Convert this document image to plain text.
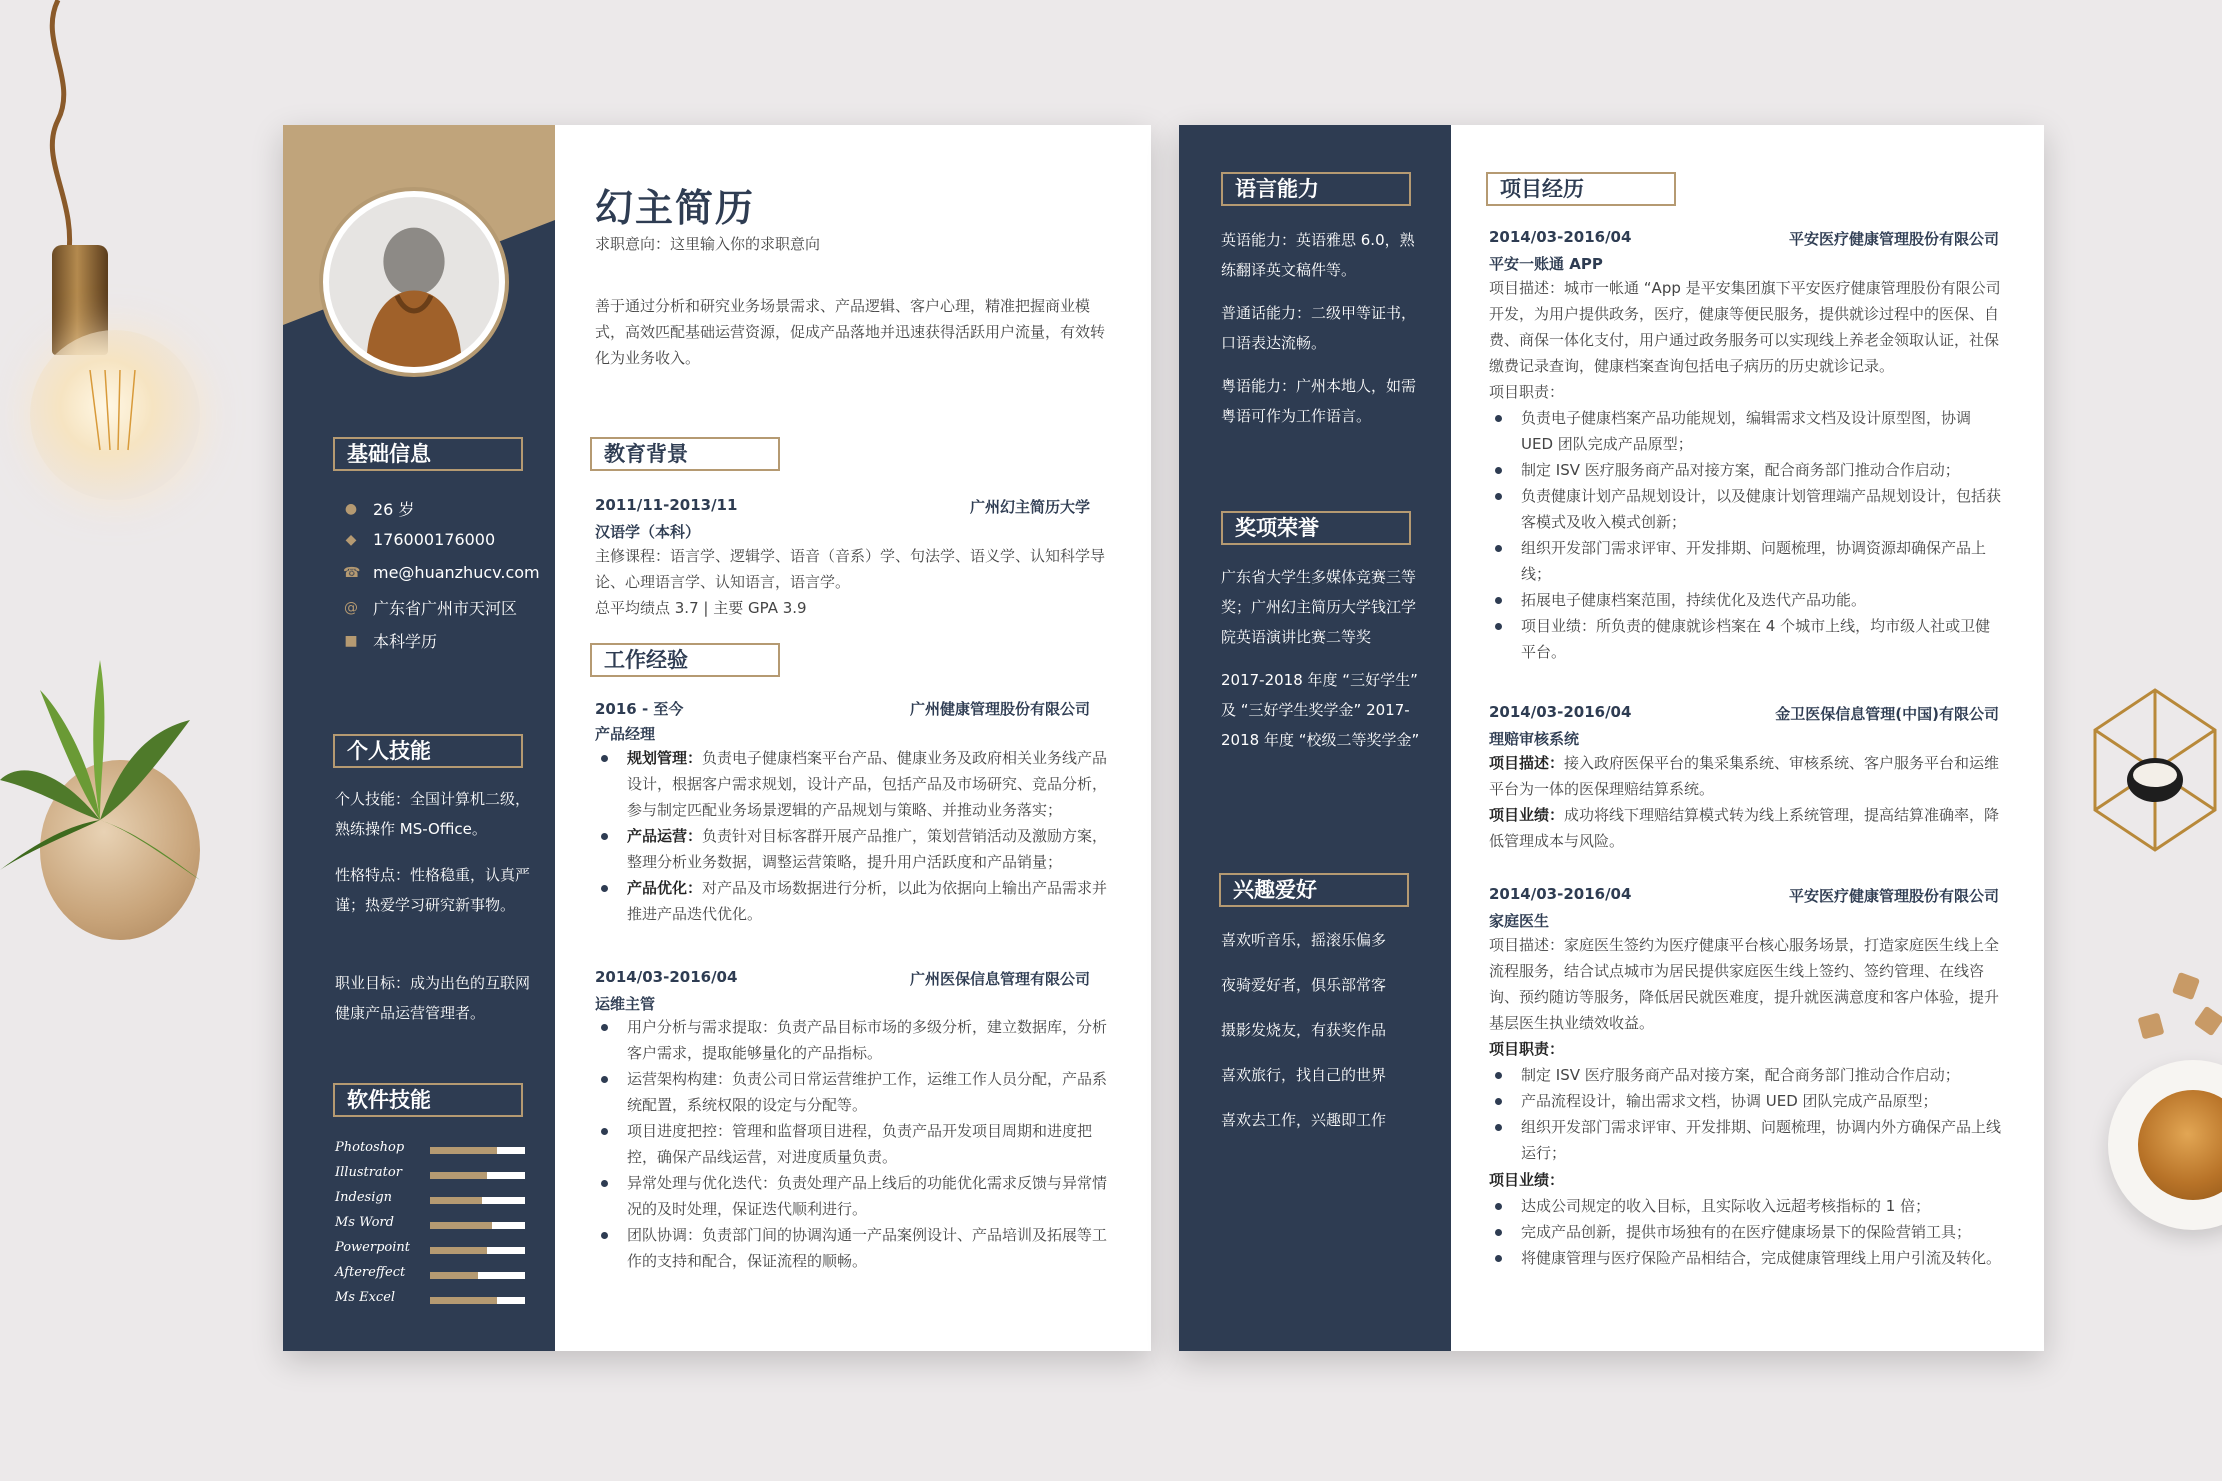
基础信息
● 26 岁
◆ 176000176000
☎ me@huanzhucv.com
@ 广东省广州市天河区
■ 本科学历
个人技能
个人技能：全国计算机二级，熟练操作 MS-Office。
性格特点：性格稳重，认真严谨；热爱学习研究新事物。
职业目标：成为出色的互联网健康产品运营管理者。
软件技能
Photoshop
Illustrator
Indesign
Ms Word
Powerpoint
Aftereffect
Ms Excel
幻主简历
求职意向：这里输入你的求职意向
善于通过分析和研究业务场景需求、产品逻辑、客户心理，精准把握商业模式，高效匹配基础运营资源，促成产品落地并迅速获得活跃用户流量，有效转化为业务收入。
教育背景
2011/11-2013/11	广州幻主简历大学
汉语学（本科）
主修课程：语言学、逻辑学、语音（音系）学、句法学、语义学、认知科学导论、心理语言学、认知语言，语言学。
总平均绩点 3.7 | 主要 GPA 3.9
工作经验
2016 - 至今	广州健康管理股份有限公司
产品经理
规划管理：负责电子健康档案平台产品、健康业务及政府相关业务线产品设计，根据客户需求规划，设计产品，包括产品及市场研究、竞品分析，参与制定匹配业务场景逻辑的产品规划与策略、并推动业务落实；
产品运营：负责针对目标客群开展产品推广，策划营销活动及激励方案，整理分析业务数据，调整运营策略，提升用户活跃度和产品销量；
产品优化：对产品及市场数据进行分析，以此为依据向上输出产品需求并推进产品迭代优化。
2014/03-2016/04	广州医保信息管理有限公司
运维主管
用户分析与需求提取：负责产品目标市场的多级分析，建立数据库，分析客户需求，提取能够量化的产品指标。
运营架构构建：负责公司日常运营维护工作，运维工作人员分配，产品系统配置，系统权限的设定与分配等。
项目进度把控：管理和监督项目进程，负责产品开发项目周期和进度把控，确保产品线运营，对进度质量负责。
异常处理与优化迭代：负责处理产品上线后的功能优化需求反馈与异常情况的及时处理，保证迭代顺利进行。
团队协调：负责部门间的协调沟通一产品案例设计、产品培训及拓展等工作的支持和配合，保证流程的顺畅。
语言能力
英语能力：英语雅思 6.0，熟练翻译英文稿件等。
普通话能力：二级甲等证书，口语表达流畅。
粤语能力：广州本地人，如需粤语可作为工作语言。
奖项荣誉
广东省大学生多媒体竞赛三等奖；广州幻主简历大学钱江学院英语演讲比赛二等奖
2017-2018 年度 “三好学生” 及 “三好学生奖学金” 2017-2018 年度 “校级二等奖学金”
兴趣爱好
喜欢听音乐，摇滚乐偏多
夜骑爱好者，俱乐部常客
摄影发烧友，有获奖作品
喜欢旅行，找自己的世界
喜欢去工作，兴趣即工作
项目经历
2014/03-2016/04	平安医疗健康管理股份有限公司
平安一账通 APP
项目描述：城市一帐通 “App 是平安集团旗下平安医疗健康管理股份有限公司开发，为用户提供政务，医疗，健康等便民服务，提供就诊过程中的医保、自费、商保一体化支付，用户通过政务服务可以实现线上养老金领取认证，社保缴费记录查询，健康档案查询包括电子病历的历史就诊记录。
项目职责：
负责电子健康档案产品功能规划，编辑需求文档及设计原型图，协调 UED 团队完成产品原型；
制定 ISV 医疗服务商产品对接方案，配合商务部门推动合作启动；
负责健康计划产品规划设计，以及健康计划管理端产品规划设计，包括获客模式及收入模式创新；
组织开发部门需求评审、开发排期、问题梳理，协调资源却确保产品上线；
拓展电子健康档案范围，持续优化及迭代产品功能。
项目业绩：所负责的健康就诊档案在 4 个城市上线，均市级人社或卫健平台。
2014/03-2016/04	金卫医保信息管理(中国)有限公司
理赔审核系统
项目描述：接入政府医保平台的集采集系统、审核系统、客户服务平台和运维平台为一体的医保理赔结算系统。
项目业绩：成功将线下理赔结算模式转为线上系统管理，提高结算准确率，降低管理成本与风险。
2014/03-2016/04	平安医疗健康管理股份有限公司
家庭医生
项目描述：家庭医生签约为医疗健康平台核心服务场景，打造家庭医生线上全流程服务，结合试点城市为居民提供家庭医生线上签约、签约管理、在线咨询、预约随访等服务，降低居民就医难度，提升就医满意度和客户体验，提升基层医生执业绩效收益。
项目职责：
制定 ISV 医疗服务商产品对接方案，配合商务部门推动合作启动；
产品流程设计，输出需求文档，协调 UED 团队完成产品原型；
组织开发部门需求评审、开发排期、问题梳理，协调内外方确保产品上线运行；
项目业绩：
达成公司规定的收入目标，且实际收入远超考核指标的 1 倍；
完成产品创新，提供市场独有的在医疗健康场景下的保险营销工具；
将健康管理与医疗保险产品相结合，完成健康管理线上用户引流及转化。
